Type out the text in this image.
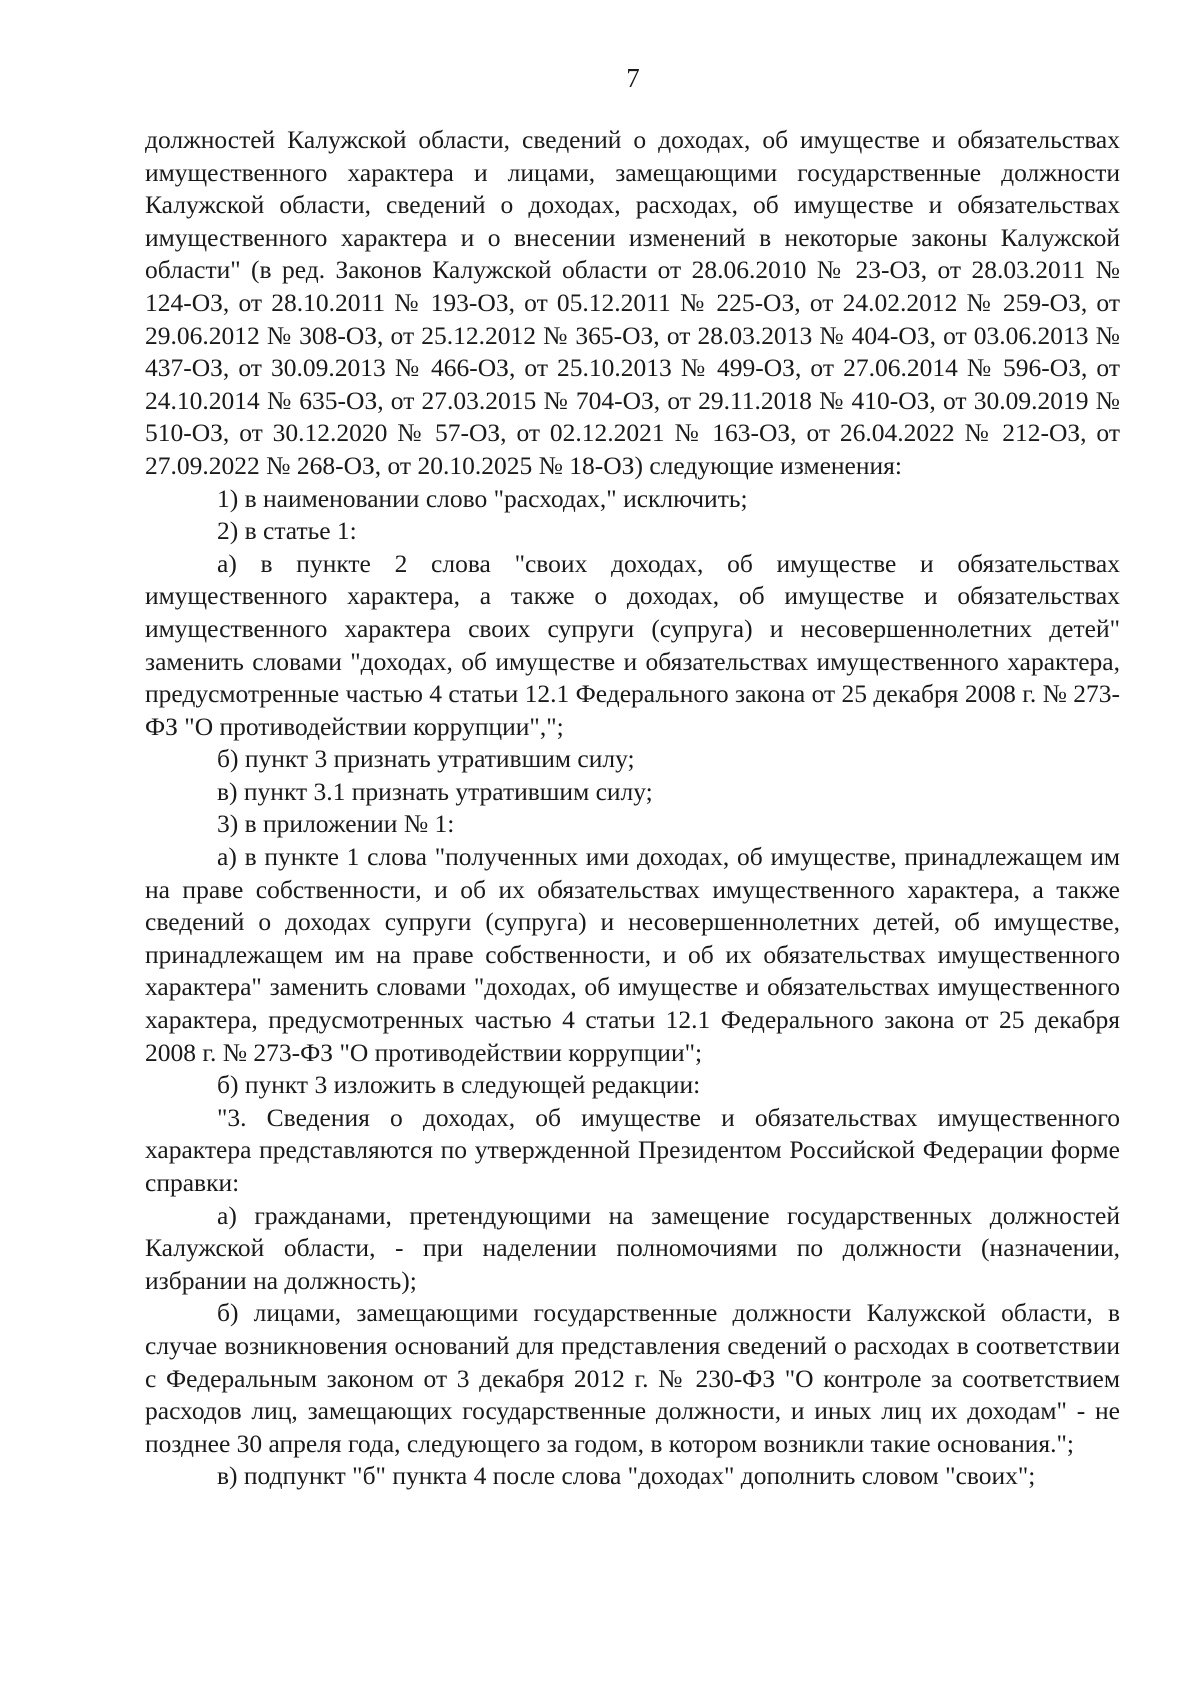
7

должностей Калужской области, сведений о доходах, об имуществе и обязательствах имущественного характера и лицами, замещающими государственные должности Калужской области, сведений о доходах, расходах, об имуществе и обязательствах имущественного характера и о внесении изменений в некоторые законы Калужской области" (в ред. Законов Калужской области от 28.06.2010 № 23-ОЗ, от 28.03.2011 № 124-ОЗ, от 28.10.2011 № 193-ОЗ, от 05.12.2011 № 225-ОЗ, от 24.02.2012 № 259-ОЗ, от 29.06.2012 № 308-ОЗ, от 25.12.2012 № 365-ОЗ, от 28.03.2013 № 404-ОЗ, от 03.06.2013 № 437-ОЗ, от 30.09.2013 № 466-ОЗ, от 25.10.2013 № 499-ОЗ, от 27.06.2014 № 596-ОЗ, от 24.10.2014 № 635-ОЗ, от 27.03.2015 № 704-ОЗ, от 29.11.2018 № 410-ОЗ, от 30.09.2019 № 510-ОЗ, от 30.12.2020 № 57-ОЗ, от 02.12.2021 № 163-ОЗ, от 26.04.2022 № 212-ОЗ, от 27.09.2022 № 268-ОЗ, от 20.10.2025 № 18-ОЗ) следующие изменения:

1) в наименовании слово "расходах," исключить;

2) в статье 1:

а) в пункте 2 слова "своих доходах, об имуществе и обязательствах имущественного характера, а также о доходах, об имуществе и обязательствах имущественного характера своих супруги (супруга) и несовершеннолетних детей" заменить словами "доходах, об имуществе и обязательствах имущественного характера, предусмотренные частью 4 статьи 12.1 Федерального закона от 25 декабря 2008 г. № 273-ФЗ "О противодействии коррупции",";

б) пункт 3 признать утратившим силу;

в) пункт 3.1 признать утратившим силу;

3) в приложении № 1:

а) в пункте 1 слова "полученных ими доходах, об имуществе, принадлежащем им на праве собственности, и об их обязательствах имущественного характера, а также сведений о доходах супруги (супруга) и несовершеннолетних детей, об имуществе, принадлежащем им на праве собственности, и об их обязательствах имущественного характера" заменить словами "доходах, об имуществе и обязательствах имущественного характера, предусмотренных частью 4 статьи 12.1 Федерального закона от 25 декабря 2008 г. № 273-ФЗ "О противодействии коррупции";

б) пункт 3 изложить в следующей редакции:

"3. Сведения о доходах, об имуществе и обязательствах имущественного характера представляются по утвержденной Президентом Российской Федерации форме справки:

а) гражданами, претендующими на замещение государственных должностей Калужской области, - при наделении полномочиями по должности (назначении, избрании на должность);

б) лицами, замещающими государственные должности Калужской области, в случае возникновения оснований для представления сведений о расходах в соответствии с Федеральным законом от 3 декабря 2012 г. № 230-ФЗ "О контроле за соответствием расходов лиц, замещающих государственные должности, и иных лиц их доходам" - не позднее 30 апреля года, следующего за годом, в котором возникли такие основания.";

в) подпункт "б" пункта 4 после слова "доходах" дополнить словом "своих";
